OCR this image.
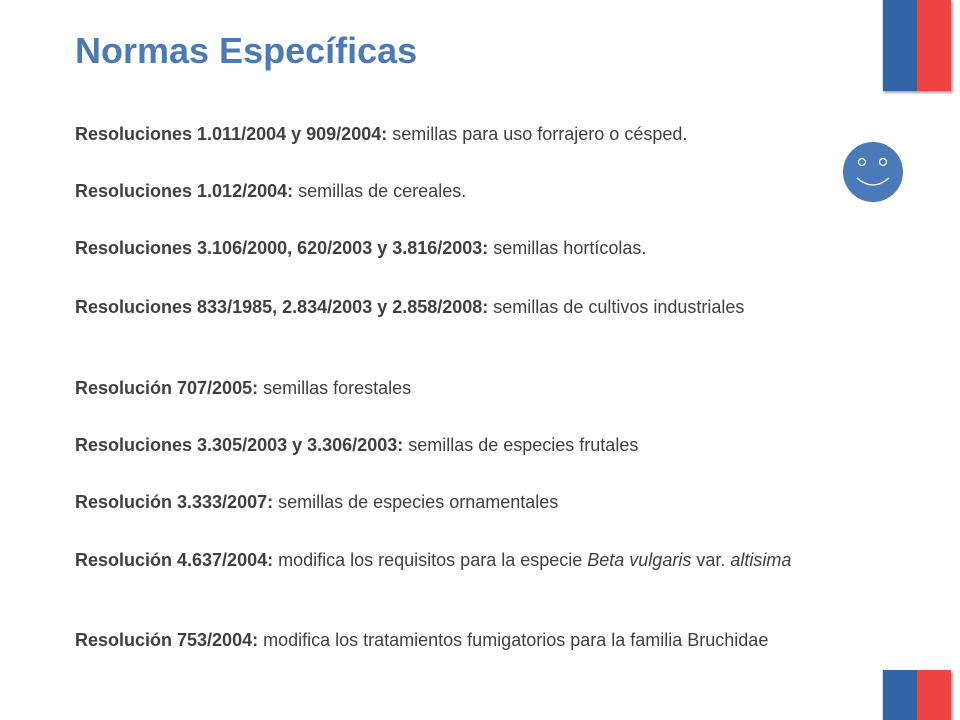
Normas Específicas

Resoluciones 1.011/2004 y 909/2004: semillas para uso forrajero o césped.

Resoluciones 1.012/2004: semillas de cereales.

Resoluciones 3.106/2000, 620/2003 y 3.816/2003: semillas hortícolas.

Resoluciones 833/1985, 2.834/2003 y 2.858/2008: semillas de cultivos industriales

Resolución 707/2005: semillas forestales

Resoluciones 3.305/2003 y 3.306/2003: semillas de especies frutales

Resolución 3.333/2007: semillas de especies ornamentales

Resolución 4.637/2004: modifica los requisitos para la especie Beta vulgaris var. altisima

Resolución 753/2004: modifica los tratamientos fumigatorios para la familia Bruchidae
